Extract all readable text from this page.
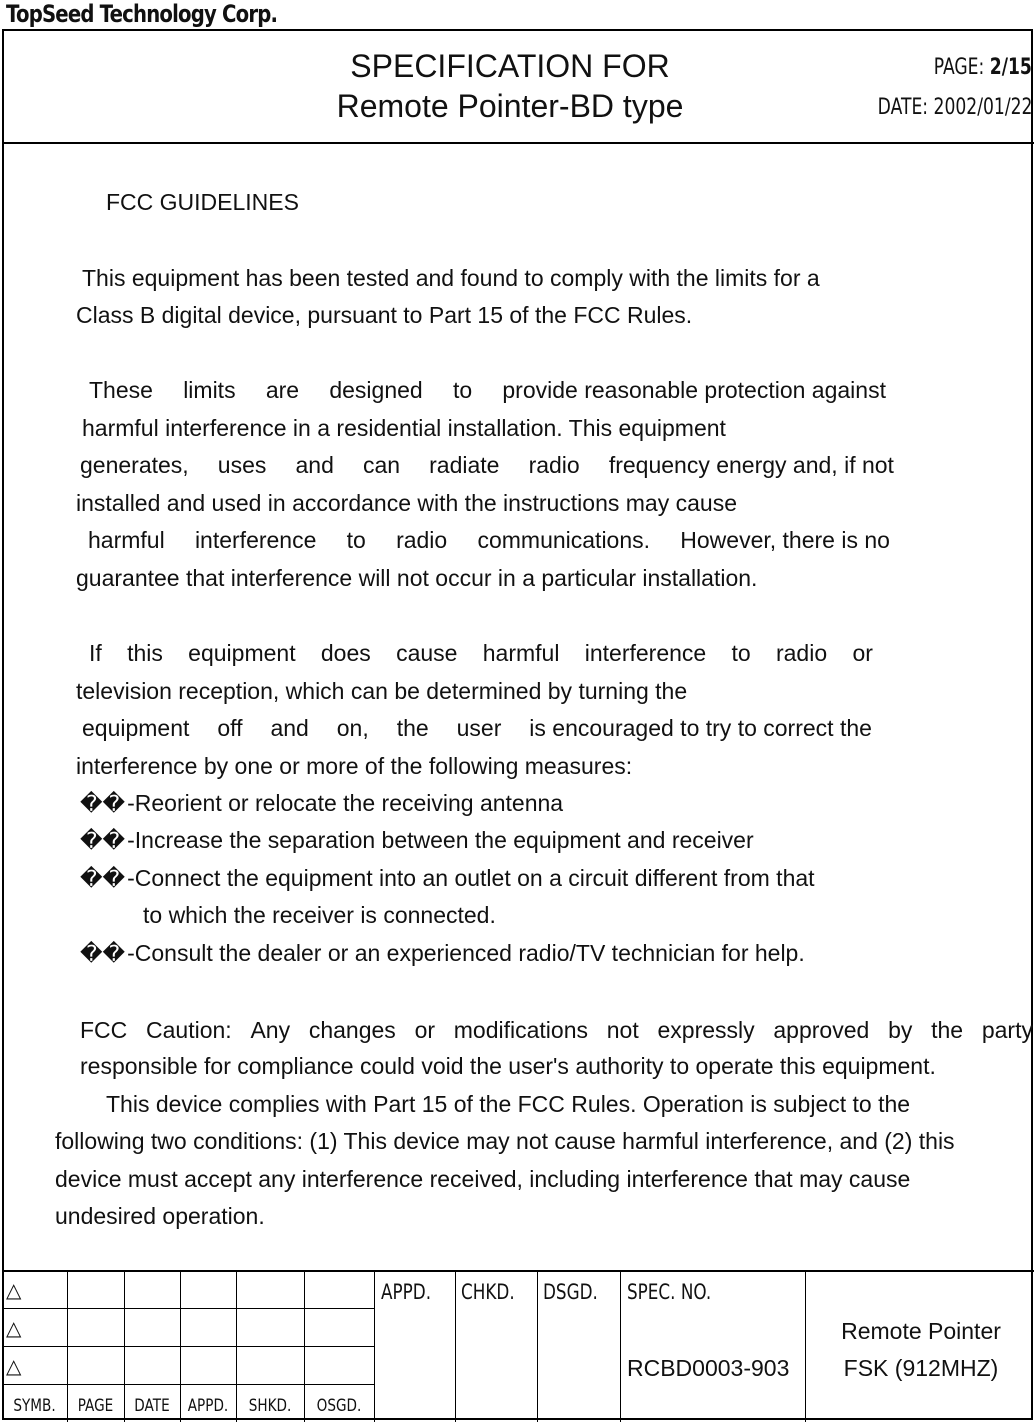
TopSeed Technology Corp.
SPECIFICATION FOR
Remote Pointer-BD type
PAGE: 2/15
DATE: 2002/01/22
FCC GUIDELINES
This equipment has been tested and found to comply with the limits for a
Class B digital device, pursuant to Part 15 of the FCC Rules.
These limits are designed to provide reasonable protection against
harmful interference in a residential installation. This equipment
generates, uses and can radiate radio frequency energy and, if not
installed and used in accordance with the instructions may cause
harmful interference to radio communications. However, there is no
guarantee that interference will not occur in a particular installation.
If this equipment does cause harmful interference to radio or
television reception, which can be determined by turning the
equipment off and on, the user is encouraged to try to correct the
interference by one or more of the following measures:
��-Reorient or relocate the receiving antenna
��-Increase the separation between the equipment and receiver
��-Connect the equipment into an outlet on a circuit different from that
to which the receiver is connected.
��-Consult the dealer or an experienced radio/TV technician for help.
FCC Caution: Any changes or modifications not expressly approved by the party
responsible for compliance could void the user's authority to operate this equipment.
This device complies with Part 15 of the FCC Rules. Operation is subject to the
following two conditions: (1) This device may not cause harmful interference, and (2) this
device must accept any interference received, including interference that may cause
undesired operation.
△
△
△
SYMB. PAGE DATE APPD.	SHKD.	OSGD.
APPD. CHKD. DSGD. SPEC. NO.
RCBD0003-903
Remote Pointer
FSK (912MHZ)
